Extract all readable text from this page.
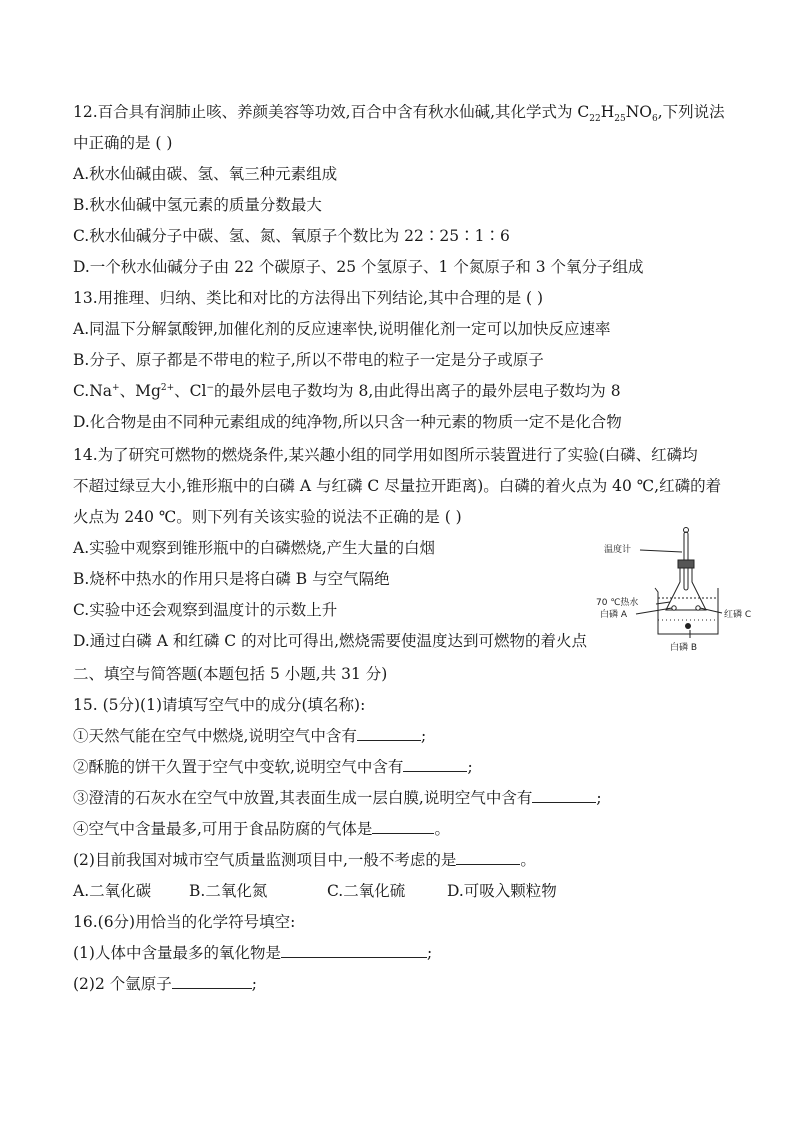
12.百合具有润肺止咳、养颜美容等功效,百合中含有秋水仙碱,其化学式为 $C_{22}H_{25}NO_6$,下列说法
中正确的是 ( )
A.秋水仙碱由碳、氢、氧三种元素组成
B.秋水仙碱中氢元素的质量分数最大
C.秋水仙碱分子中碳、氢、氮、氧原子个数比为 22∶25∶1∶6
D.一个秋水仙碱分子由 22 个碳原子、25 个氢原子、1 个氮原子和 3 个氧分子组成
13.用推理、归纳、类比和对比的方法得出下列结论,其中合理的是 ( )
A.同温下分解氯酸钾,加催化剂的反应速率快,说明催化剂一定可以加快反应速率
B.分子、原子都是不带电的粒子,所以不带电的粒子一定是分子或原子
C.Na+、$Mg^{2+}$、Cl−的最外层电子数均为 8,由此得出离子的最外层电子数均为 8
D.化合物是由不同种元素组成的纯净物,所以只含一种元素的物质一定不是化合物
14.为了研究可燃物的燃烧条件,某兴趣小组的同学用如图所示装置进行了实验(白磷、红磷均
不超过绿豆大小,锥形瓶中的白磷 A 与红磷 C 尽量拉开距离)。白磷的着火点为 40 ℃,红磷的着
火点为 240 ℃。则下列有关该实验的说法不正确的是 ( )
A.实验中观察到锥形瓶中的白磷燃烧,产生大量的白烟
B.烧杯中热水的作用只是将白磷 B 与空气隔绝
C.实验中还会观察到温度计的示数上升
D.通过白磷 A 和红磷 C 的对比可得出,燃烧需要使温度达到可燃物的着火点
温度计
70 ℃热水
白磷 A	红磷 C
白磷 B
二、填空与简答题(本题包括 5 小题,共 31 分)
15. (5分)(1)请填写空气中的成分(填名称):
①天然气能在空气中燃烧,说明空气中含有	;
②酥脆的饼干久置于空气中变软,说明空气中含有	;
③澄清的石灰水在空气中放置,其表面生成一层白膜,说明空气中含有	;
④空气中含量最多,可用于食品防腐的气体是	。
(2)目前我国对城市空气质量监测项目中,一般不考虑的是	。
A.二氧化碳 B.二氧化氮	C.二氧化硫	D.可吸入颗粒物
16.(6分)用恰当的化学符号填空:
(1)人体中含量最多的氧化物是	;
(2)2 个氩原子	;
